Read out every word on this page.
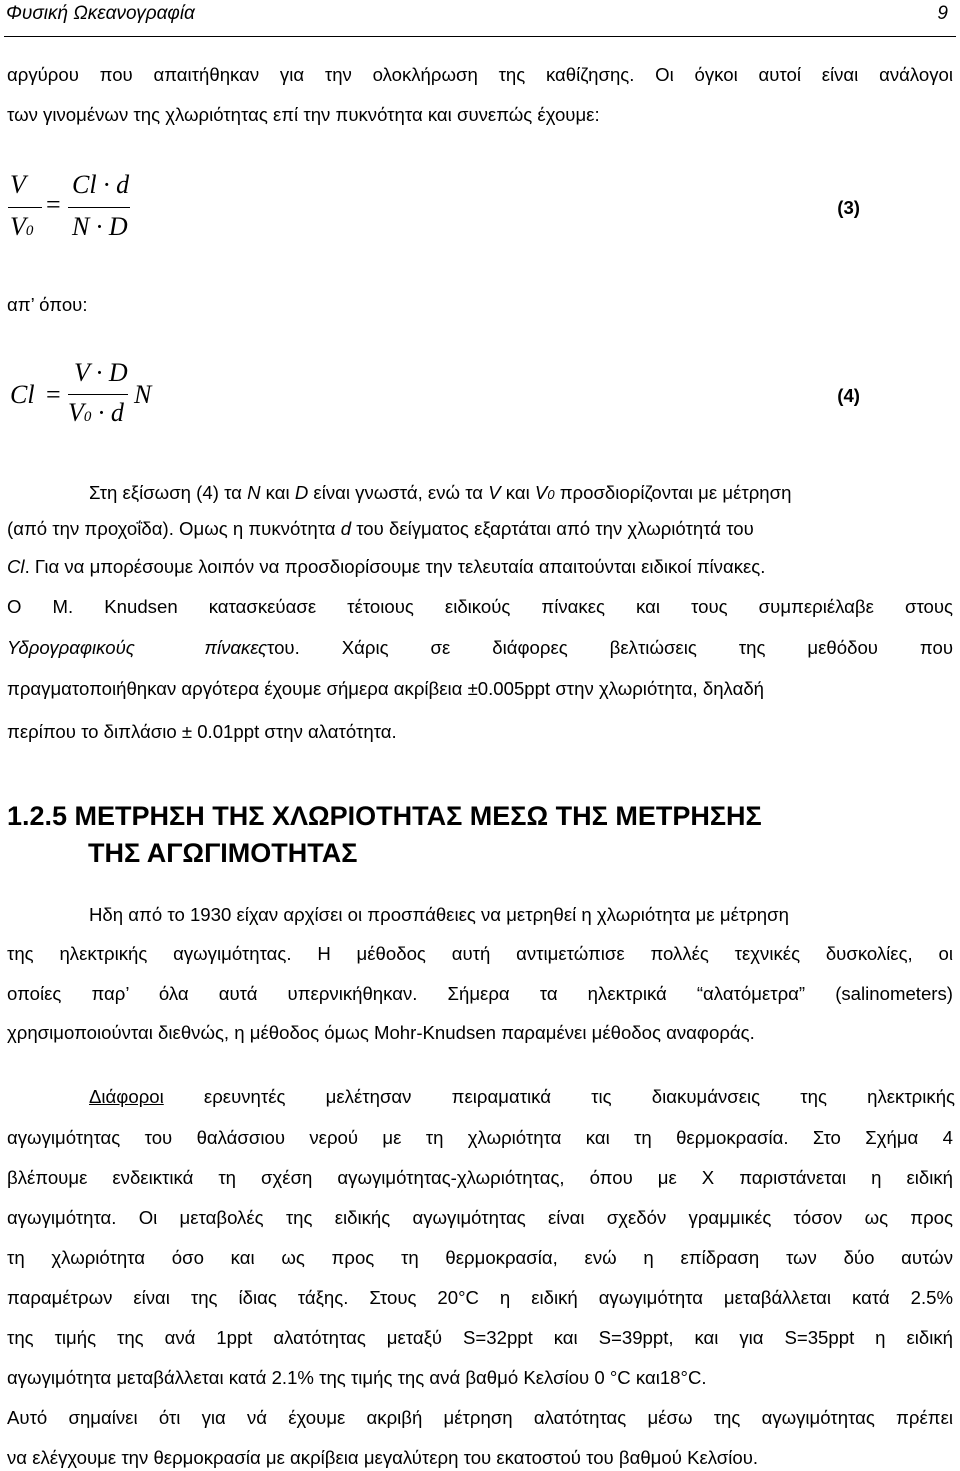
Φυσική Ωκεανογραφία	9
αργύρου που απαιτήθηκαν για την ολοκλήρωση της καθίζησης. Οι όγκοι αυτοί είναι ανάλογοι
των γινομένων της χλωριότητας επί την πυκνότητα και συνεπώς έχουμε:
V
V0
=
Cl · d
N · D
(3)
απ’ όπου:
Cl =
V · D
V0 · d
N	(4)
Στη εξίσωση (4) τα N και D είναι γνωστά, ενώ τα V και V0 προσδιορίζονται με μέτρηση
(από την προχοΐδα). Ομως η πυκνότητα d του δείγματος εξαρτάται από την χλωριότητά του
Cl. Για να μπορέσουμε λοιπόν να προσδιορίσουμε την τελευταία απαιτούνται ειδικοί πίνακες.
Ο Μ. Knudsen κατασκεύασε τέτοιους ειδικούς πίνακες και τους συμπεριέλαβε στους
Υδρογραφικούς πίνακεςτου. Χάρις σε διάφορες βελτιώσεις της μεθόδου που
πραγματοποιήθηκαν αργότερα έχουμε σήμερα ακρίβεια ±0.005ppt στην χλωριότητα, δηλαδή
περίπου το διπλάσιο ± 0.01ppt στην αλατότητα.
1.2.5 ΜΕΤΡΗΣΗ ΤΗΣ ΧΛΩΡΙΟΤΗΤΑΣ ΜΕΣΩ ΤΗΣ ΜΕΤΡΗΣΗΣ
ΤΗΣ ΑΓΩΓΙΜΟΤΗΤΑΣ
Ηδη από το 1930 είχαν αρχίσει οι προσπάθειες να μετρηθεί η χλωριότητα με μέτρηση
της ηλεκτρικής αγωγιμότητας. Η μέθοδος αυτή αντιμετώπισε πολλές τεχνικές δυσκολίες, οι
οποίες παρ’ όλα αυτά υπερνικήθηκαν. Σήμερα τα ηλεκτρικά “αλατόμετρα” (salinometers)
χρησιμοποιούνται διεθνώς, η μέθοδος όμως Mohr-Knudsen παραμένει μέθοδος αναφοράς.
Διάφοροι ερευνητές μελέτησαν πειραματικά τις διακυμάνσεις της ηλεκτρικής
αγωγιμότητας του θαλάσσιου νερού με τη χλωριότητα και τη θερμοκρασία. Στο Σχήμα 4
βλέπουμε ενδεικτικά τη σχέση αγωγιμότητας-χλωριότητας, όπου με Χ παριστάνεται η ειδική
αγωγιμότητα. Οι μεταβολές της ειδικής αγωγιμότητας είναι σχεδόν γραμμικές τόσον ως προς
τη χλωριότητα όσο και ως προς τη θερμοκρασία, ενώ η επίδραση των δύο αυτών
παραμέτρων είναι της ίδιας τάξης. Στους 20°C η ειδική αγωγιμότητα μεταβάλλεται κατά 2.5%
της τιμής της ανά 1ppt αλατότητας μεταξύ S=32ppt και S=39ppt, και για S=35ppt η ειδική
αγωγιμότητα μεταβάλλεται κατά 2.1% της τιμής της ανά βαθμό Κελσίου 0 °C και18°C.
Αυτό σημαίνει ότι για νά έχουμε ακριβή μέτρηση αλατότητας μέσω της αγωγιμότητας πρέπει
να ελέγχουμε την θερμοκρασία με ακρίβεια μεγαλύτερη του εκατοστού του βαθμού Κελσίου.
